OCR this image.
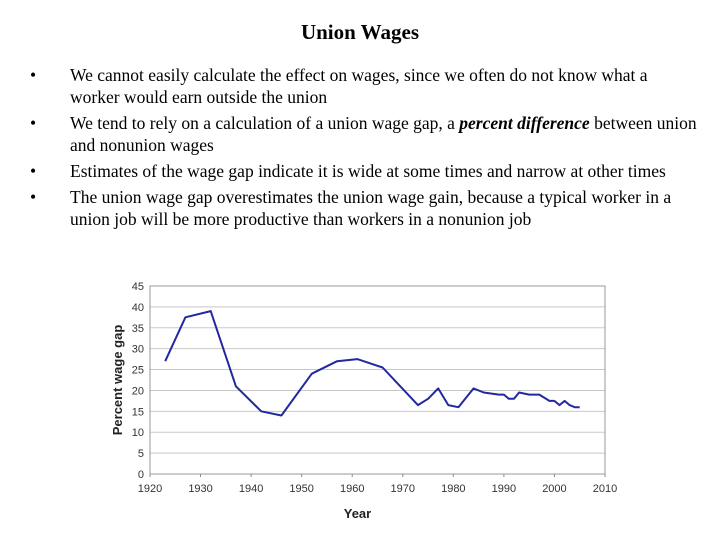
Union Wages
• We cannot easily calculate the effect on wages, since we often do not know what a worker would earn outside the union
• We tend to rely on a calculation of a union wage gap, a percent difference between union and nonunion wages
• Estimates of the wage gap indicate it is wide at some times and narrow at other times
• The union wage gap overestimates the union wage gain, because a typical worker in a union job will be more productive than workers in a nonunion job
0
5
10
15
20
25
30
35
40
45
1920 1930 1940 1950 1960 1970 1980 1990 2000 2010
Year
Percent wage gap
